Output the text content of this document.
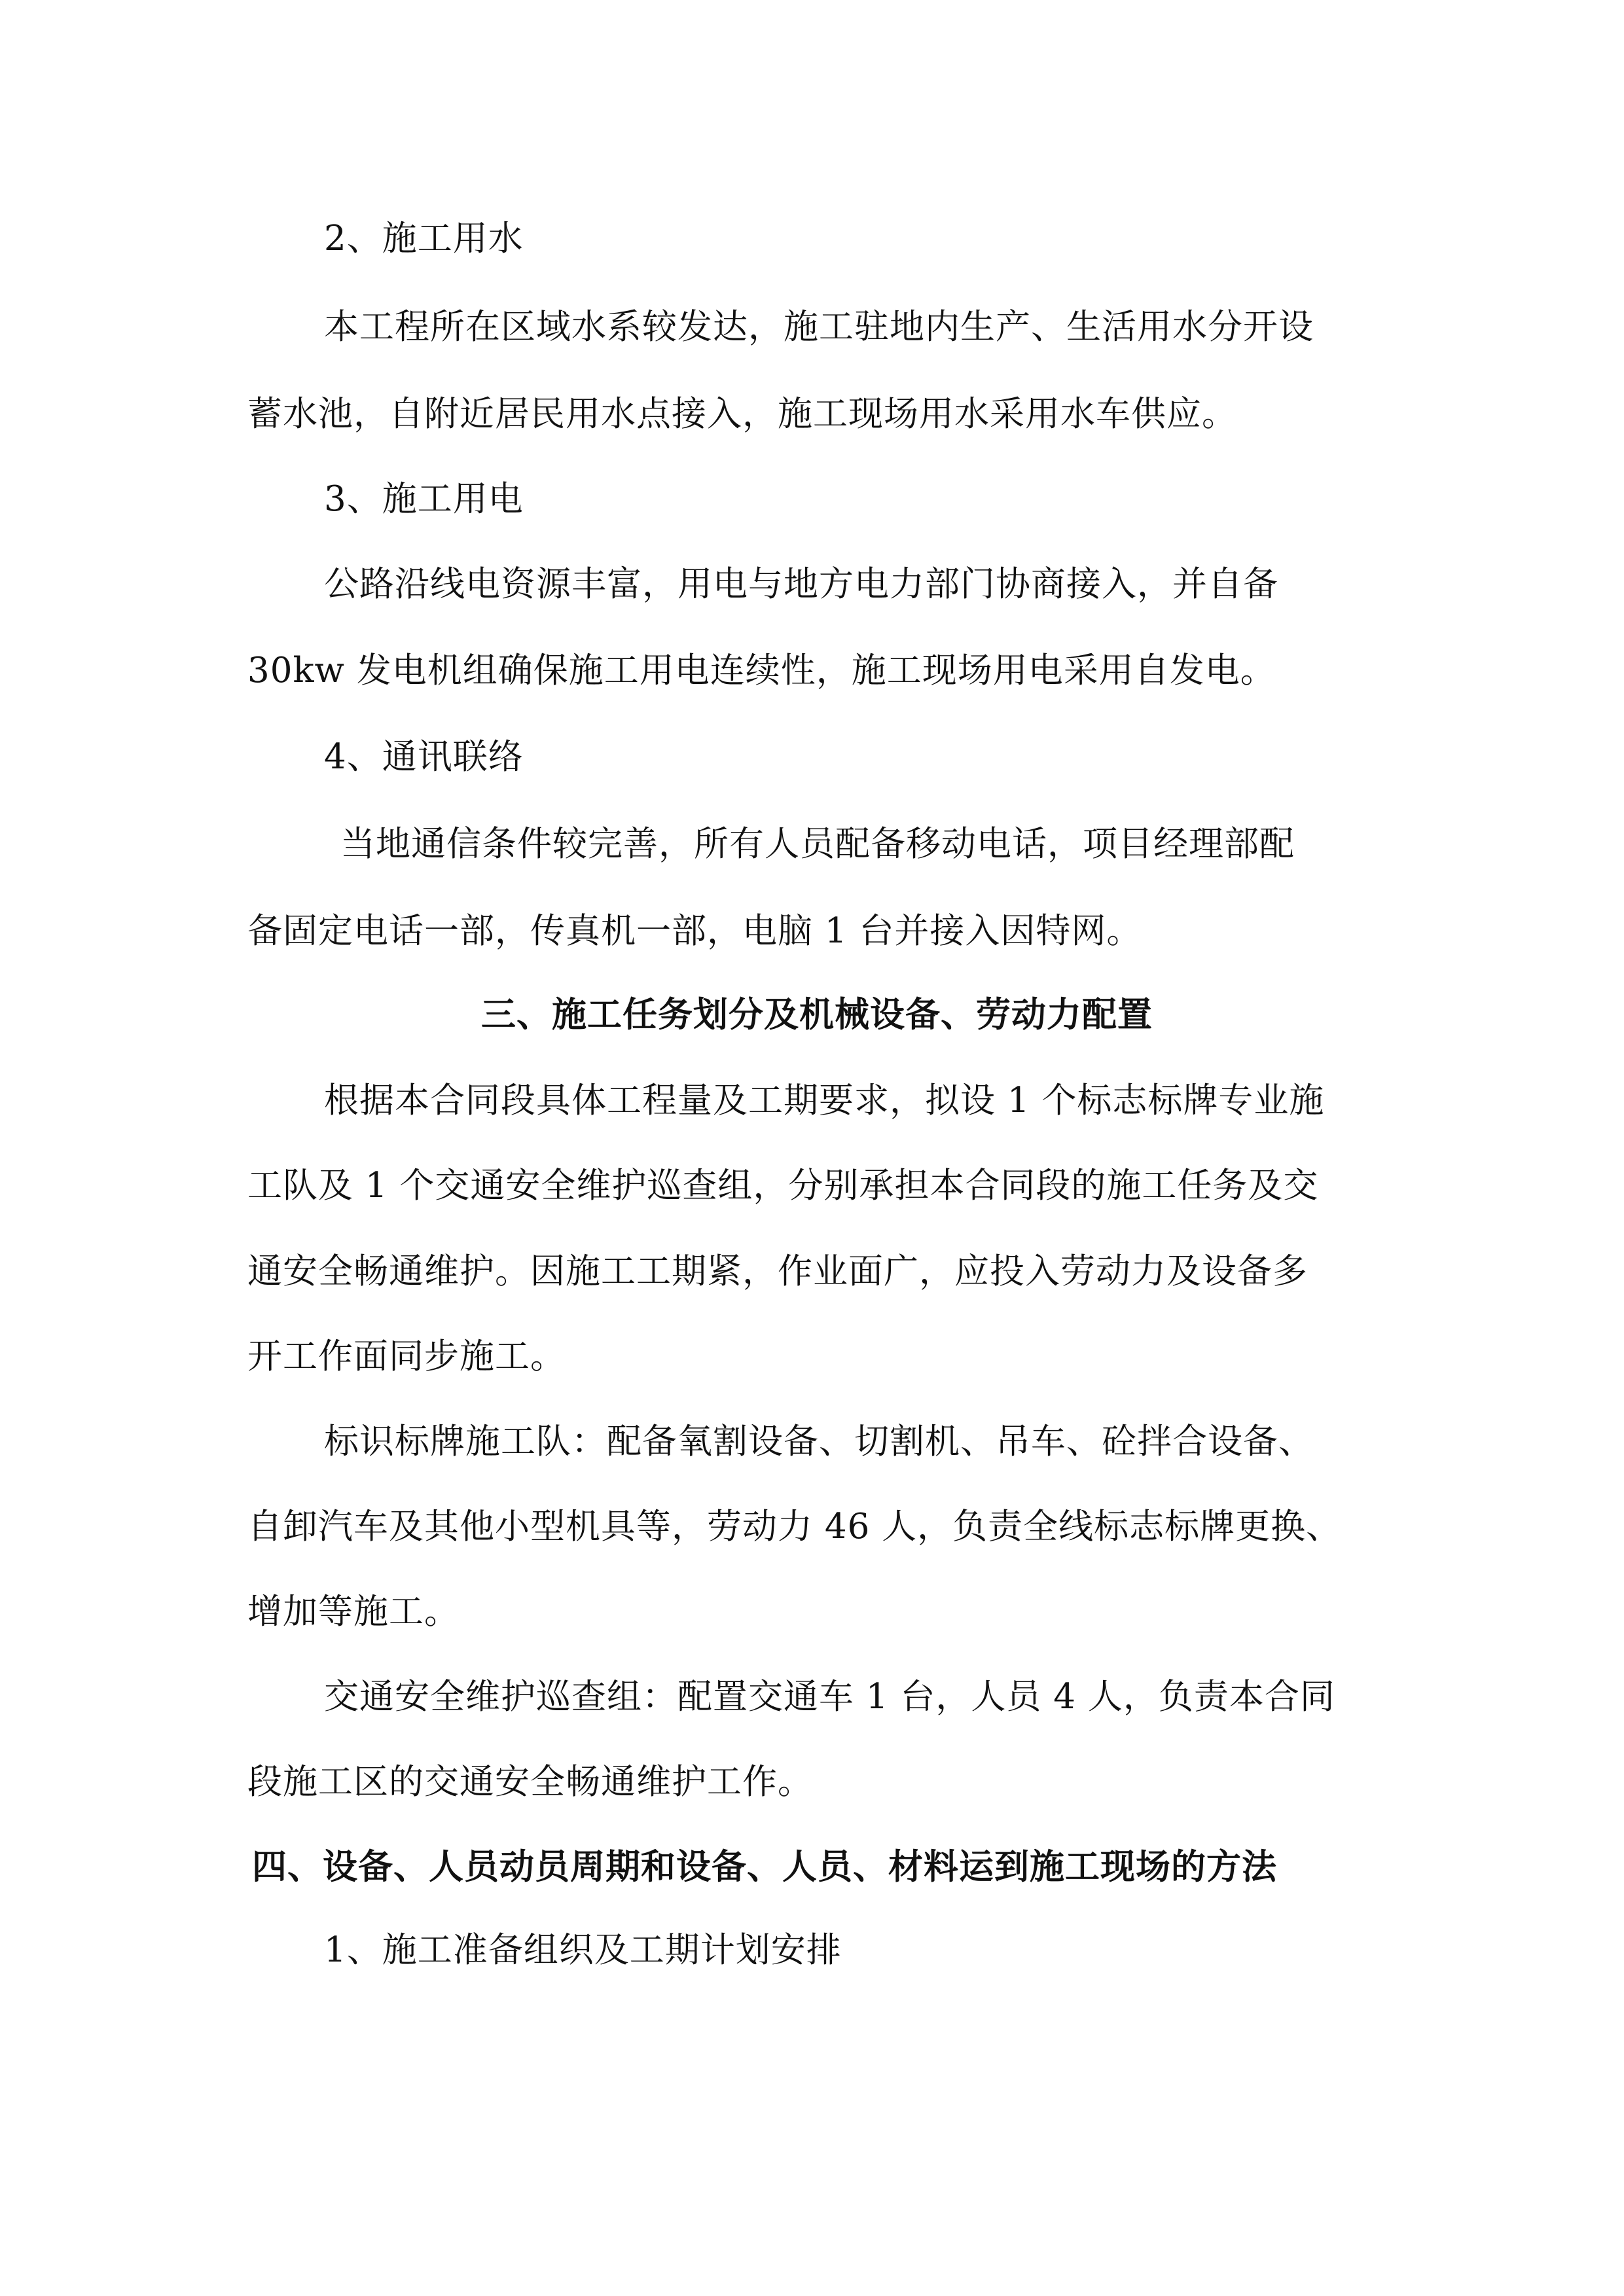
2、施工用水
本工程所在区域水系较发达，施工驻地内生产、生活用水分开设
蓄水池，自附近居民用水点接入，施工现场用水采用水车供应。
3、施工用电
公路沿线电资源丰富，用电与地方电力部门协商接入，并自备
30kw 发电机组确保施工用电连续性，施工现场用电采用自发电。
4、通讯联络
当地通信条件较完善，所有人员配备移动电话，项目经理部配
备固定电话一部，传真机一部，电脑 1 台并接入因特网。
三、施工任务划分及机械设备、劳动力配置
根据本合同段具体工程量及工期要求，拟设 1 个标志标牌专业施
工队及 1 个交通安全维护巡查组，分别承担本合同段的施工任务及交
通安全畅通维护。因施工工期紧，作业面广，应投入劳动力及设备多
开工作面同步施工。
标识标牌施工队：配备氧割设备、切割机、吊车、砼拌合设备、
自卸汽车及其他小型机具等，劳动力 46 人，负责全线标志标牌更换、
增加等施工。
交通安全维护巡查组：配置交通车 1 台，人员 4 人，负责本合同
段施工区的交通安全畅通维护工作。
四、设备、人员动员周期和设备、人员、材料运到施工现场的方法
1、施工准备组织及工期计划安排
